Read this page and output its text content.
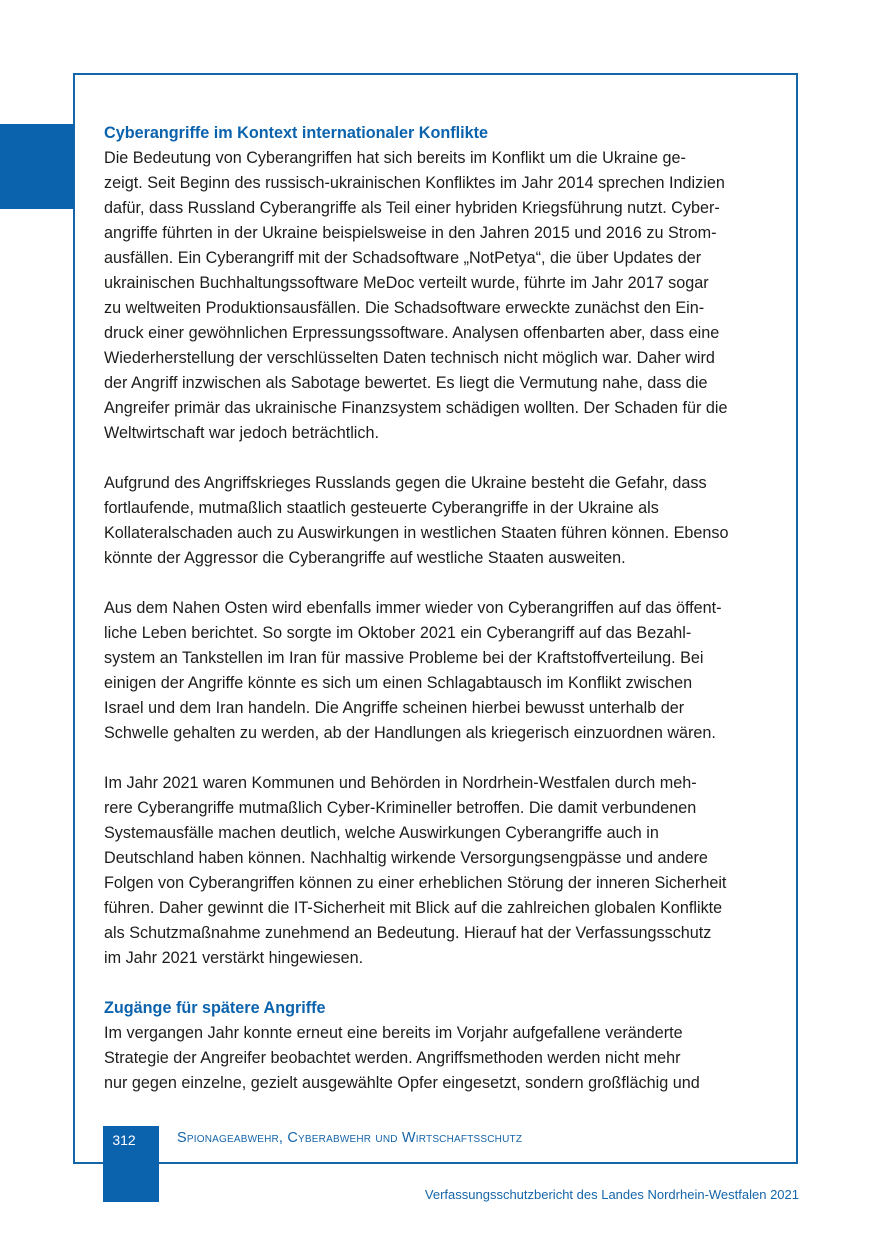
Cyberangriffe im Kontext internationaler Konflikte

Die Bedeutung von Cyberangriffen hat sich bereits im Konflikt um die Ukraine ge-
zeigt. Seit Beginn des russisch-ukrainischen Konfliktes im Jahr 2014 sprechen Indizien
dafür, dass Russland Cyberangriffe als Teil einer hybriden Kriegsführung nutzt. Cyber-
angriffe führten in der Ukraine beispielsweise in den Jahren 2015 und 2016 zu Strom-
ausfällen. Ein Cyberangriff mit der Schadsoftware „NotPetya“, die über Updates der
ukrainischen Buchhaltungssoftware MeDoc verteilt wurde, führte im Jahr 2017 sogar
zu weltweiten Produktionsausfällen. Die Schadsoftware erweckte zunächst den Ein-
druck einer gewöhnlichen Erpressungssoftware. Analysen offenbarten aber, dass eine
Wiederherstellung der verschlüsselten Daten technisch nicht möglich war. Daher wird
der Angriff inzwischen als Sabotage bewertet. Es liegt die Vermutung nahe, dass die
Angreifer primär das ukrainische Finanzsystem schädigen wollten. Der Schaden für die
Weltwirtschaft war jedoch beträchtlich.

Aufgrund des Angriffskrieges Russlands gegen die Ukraine besteht die Gefahr, dass
fortlaufende, mutmaßlich staatlich gesteuerte Cyberangriffe in der Ukraine als
Kollateralschaden auch zu Auswirkungen in westlichen Staaten führen können. Ebenso
könnte der Aggressor die Cyberangriffe auf westliche Staaten ausweiten.

Aus dem Nahen Osten wird ebenfalls immer wieder von Cyberangriffen auf das öffent-
liche Leben berichtet. So sorgte im Oktober 2021 ein Cyberangriff auf das Bezahl-
system an Tankstellen im Iran für massive Probleme bei der Kraftstoffverteilung. Bei
einigen der Angriffe könnte es sich um einen Schlagabtausch im Konflikt zwischen
Israel und dem Iran handeln. Die Angriffe scheinen hierbei bewusst unterhalb der
Schwelle gehalten zu werden, ab der Handlungen als kriegerisch einzuordnen wären.

Im Jahr 2021 waren Kommunen und Behörden in Nordrhein-Westfalen durch meh-
rere Cyberangriffe mutmaßlich Cyber-Krimineller betroffen. Die damit verbundenen
Systemausfälle machen deutlich, welche Auswirkungen Cyberangriffe auch in
Deutschland haben können. Nachhaltig wirkende Versorgungsengpässe und andere
Folgen von Cyberangriffen können zu einer erheblichen Störung der inneren Sicherheit
führen. Daher gewinnt die IT-Sicherheit mit Blick auf die zahlreichen globalen Konflikte
als Schutzmaßnahme zunehmend an Bedeutung. Hierauf hat der Verfassungsschutz
im Jahr 2021 verstärkt hingewiesen.

Zugänge für spätere Angriffe

Im vergangen Jahr konnte erneut eine bereits im Vorjahr aufgefallene veränderte
Strategie der Angreifer beobachtet werden. Angriffsmethoden werden nicht mehr
nur gegen einzelne, gezielt ausgewählte Opfer eingesetzt, sondern großflächig und

312	Spionageabwehr, Cyberabwehr und Wirtschaftsschutz
Verfassungsschutzbericht des Landes Nordrhein-Westfalen 2021
